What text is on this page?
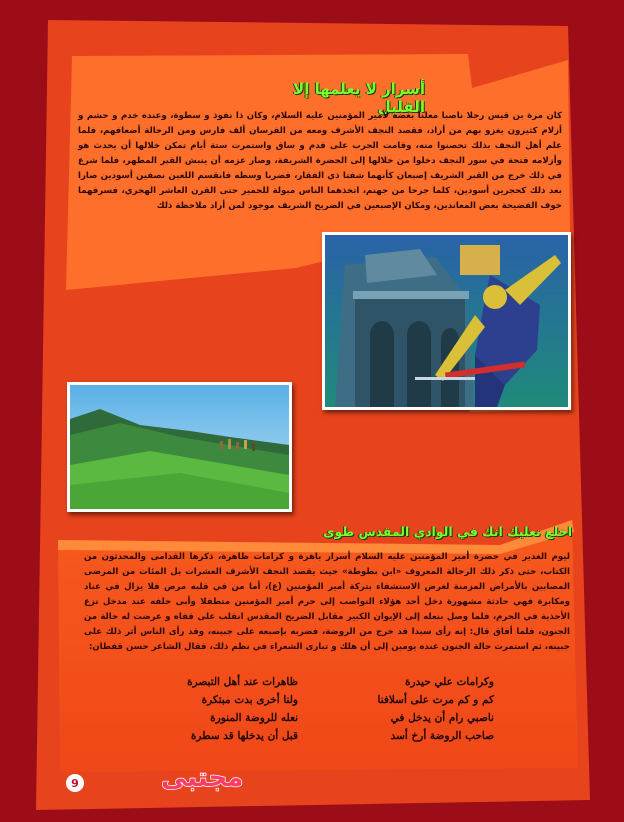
أسرار لا يعلمها إلا القليل
كان مرة بن قيس رجلا ناصبا معلنا بغضه لأمير المؤمنين عليه السلام، وكان ذا نفوذ و سطوة، وعنده خدم و حشم و أزلام كثيرون يغزو بهم من أراد، فقصد النجف الأشرف ومعه من الفرسان ألف فارس ومن الرجالة أضعافهم، فلما علم أهل النجف بذلك تحصنوا منه، وقامت الحرب على قدم و ساق واستمرت ستة أيام تمكن خلالها أن يحدث هو وأزلامه فتحة في سور النجف دخلوا من خلالها إلى الحضرة الشريفة، وصار عزمه أن ينبش القبر المطهر، فلما شرع في ذلك خرج من القبر الشريف إصبعان كأنهما شفتا ذي الفقار، فضربا وسطه فانقسم اللعين نصفين أسودين صارا بعد ذلك كحجرين أسودين، كلما جرحا من جهنم، اتخذهما الناس مبولة للحمير حتى القرن العاشر الهجري، فسرقهما خوف الفضيحة بعض المعاندين، ومكان الإصبعين في الضريح الشريف موجود لمن أراد ملاحظة ذلك
اخلع نعليك انك في الوادي المقدس طوى
ليوم الغدير في حضرة أمير المؤمنين عليه السلام أسرار باهرة و كرامات ظاهرة، ذكرها القدامى والمحدثون من الكتاب، حتى ذكر ذلك الرحالة المعروف «ابن بطوطة» حيث يقصد النجف الأشرف العشرات بل المئات من المرضى المصابين بالأمراض المزمنة لغرض الاستشفاء بتركة أمير المؤمنين (ع)، أما من في قلبه مرض فلا يزال في عناد ومكابرة فهي حادثة مشهورة دخل أحد هؤلاء النواصب إلى حرم أمير المؤمنين متطفلا وأبى حلفه عند مدخل نزع الأحذية في الحرم، فلما وصل بنعله إلى الإيوان الكبير مقابل الضريح المقدس انقلب على قفاه و عرضت له حالة من الجنون، فلما أفاق قال: إنه رأى سيدا قد خرج من الروضة، فضربه بإصبعه على جبينه، وقد رأى الناس أثر ذلك على جبينه، ثم استمرت حالة الجنون عنده يومين إلى أن هلك و تبارى الشعراء في نظم ذلك، فقال الشاعر حسن قفطان:
وكرامات علي حيدرة
ظاهرات عند أهل التبصرة
كم و كم مرت على أسلافنا
ولنا أخرى بدت مبتكرة
ناصبي رام أن يدخل في
نعله للروضة المنورة
صاحب الروضة أرخ أسد
قبل أن يدخلها قد سطرة
مجتبى
9
